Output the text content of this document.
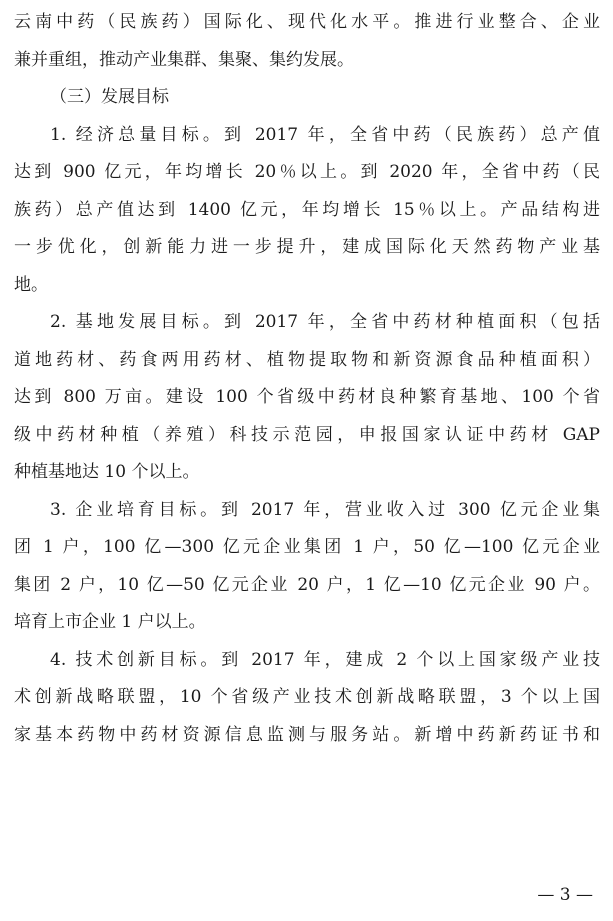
云南中药（民族药）国际化、现代化水平。推进行业整合、企业
兼并重组，推动产业集群、集聚、集约发展。
（三）发展目标
1. 经济总量目标。到 2017 年，全省中药（民族药）总产值
达到 900 亿元，年均增长 20％以上。到 2020 年，全省中药（民
族药）总产值达到 1400 亿元，年均增长 15％以上。产品结构进
一步优化，创新能力进一步提升，建成国际化天然药物产业基
地。
2. 基地发展目标。到 2017 年，全省中药材种植面积（包括
道地药材、药食两用药材、植物提取物和新资源食品种植面积）
达到 800 万亩。建设 100 个省级中药材良种繁育基地、100 个省
级中药材种植（养殖）科技示范园，申报国家认证中药材 GAP
种植基地达 10 个以上。
3. 企业培育目标。到 2017 年，营业收入过 300 亿元企业集
团 1 户，100 亿—300 亿元企业集团 1 户，50 亿—100 亿元企业
集团 2 户，10 亿—50 亿元企业 20 户，1 亿—10 亿元企业 90 户。
培育上市企业 1 户以上。
4. 技术创新目标。到 2017 年，建成 2 个以上国家级产业技
术创新战略联盟，10 个省级产业技术创新战略联盟，3 个以上国
家基本药物中药材资源信息监测与服务站。新增中药新药证书和
— 3 —
